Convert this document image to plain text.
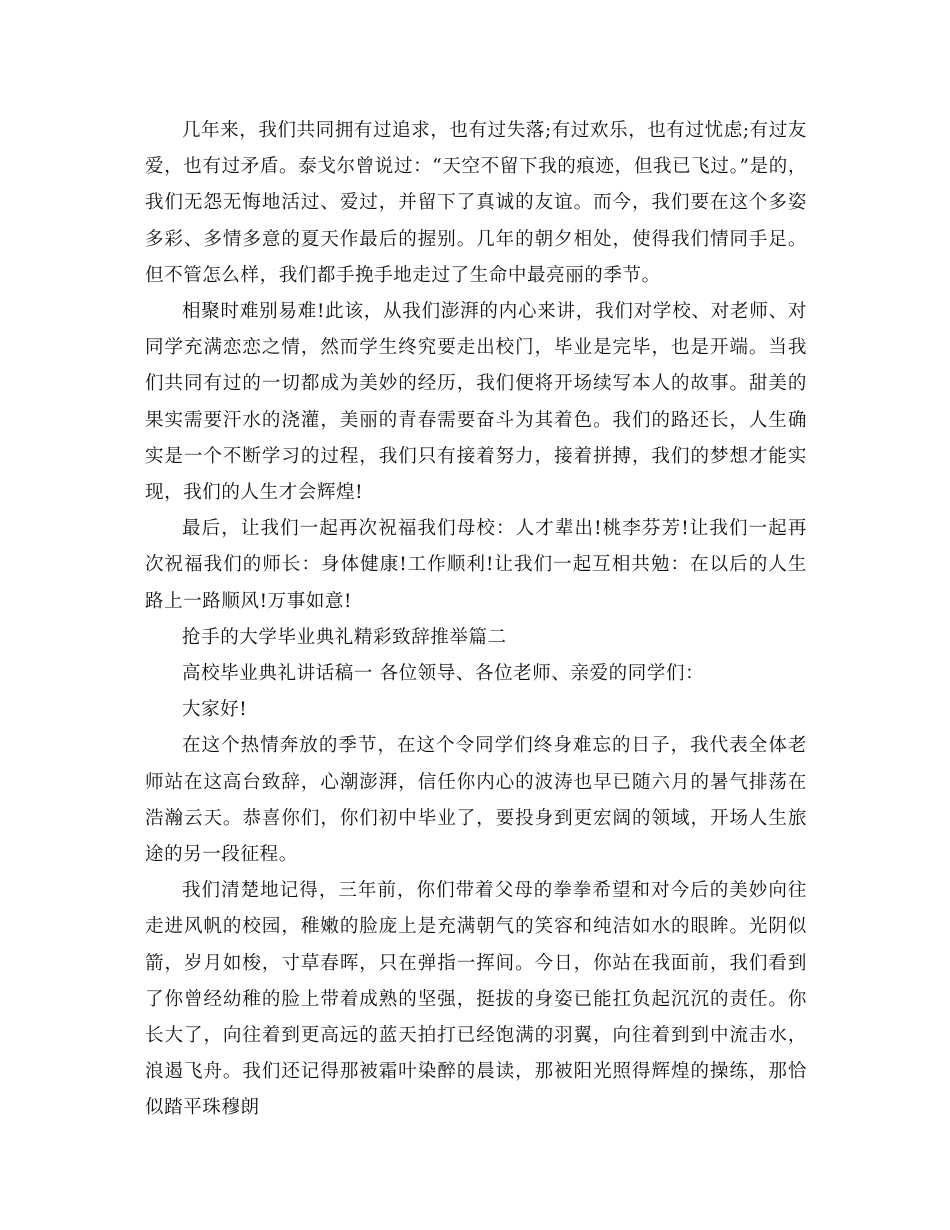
几年来，我们共同拥有过追求，也有过失落;有过欢乐，也有过忧虑;有过友爱，也有过矛盾。泰戈尔曾说过：“天空不留下我的痕迹，但我已飞过。”是的，我们无怨无悔地活过、爱过，并留下了真诚的友谊。而今，我们要在这个多姿多彩、多情多意的夏天作最后的握别。几年的朝夕相处，使得我们情同手足。但不管怎么样，我们都手挽手地走过了生命中最亮丽的季节。

相聚时难别易难!此该，从我们澎湃的内心来讲，我们对学校、对老师、对同学充满恋恋之情，然而学生终究要走出校门，毕业是完毕，也是开端。当我们共同有过的一切都成为美妙的经历，我们便将开场续写本人的故事。甜美的果实需要汗水的浇灌，美丽的青春需要奋斗为其着色。我们的路还长，人生确实是一个不断学习的过程，我们只有接着努力，接着拼搏，我们的梦想才能实现，我们的人生才会辉煌!

最后，让我们一起再次祝福我们母校：人才辈出!桃李芬芳!让我们一起再次祝福我们的师长：身体健康!工作顺利!让我们一起互相共勉：在以后的人生路上一路顺风!万事如意!

抢手的大学毕业典礼精彩致辞推举篇二

高校毕业典礼讲话稿一 各位领导、各位老师、亲爱的同学们：

大家好!

在这个热情奔放的季节，在这个令同学们终身难忘的日子，我代表全体老师站在这高台致辞，心潮澎湃，信任你内心的波涛也早已随六月的暑气排荡在浩瀚云天。恭喜你们，你们初中毕业了，要投身到更宏阔的领域，开场人生旅途的另一段征程。

我们清楚地记得，三年前，你们带着父母的拳拳希望和对今后的美妙向往走进风帆的校园，稚嫩的脸庞上是充满朝气的笑容和纯洁如水的眼眸。光阴似箭，岁月如梭，寸草春晖，只在弹指一挥间。今日，你站在我面前，我们看到了你曾经幼稚的脸上带着成熟的坚强，挺拔的身姿已能扛负起沉沉的责任。你长大了，向往着到更高远的蓝天拍打已经饱满的羽翼，向往着到到中流击水，浪遏飞舟。我们还记得那被霜叶染醉的晨读，那被阳光照得辉煌的操练，那恰似踏平珠穆朗
